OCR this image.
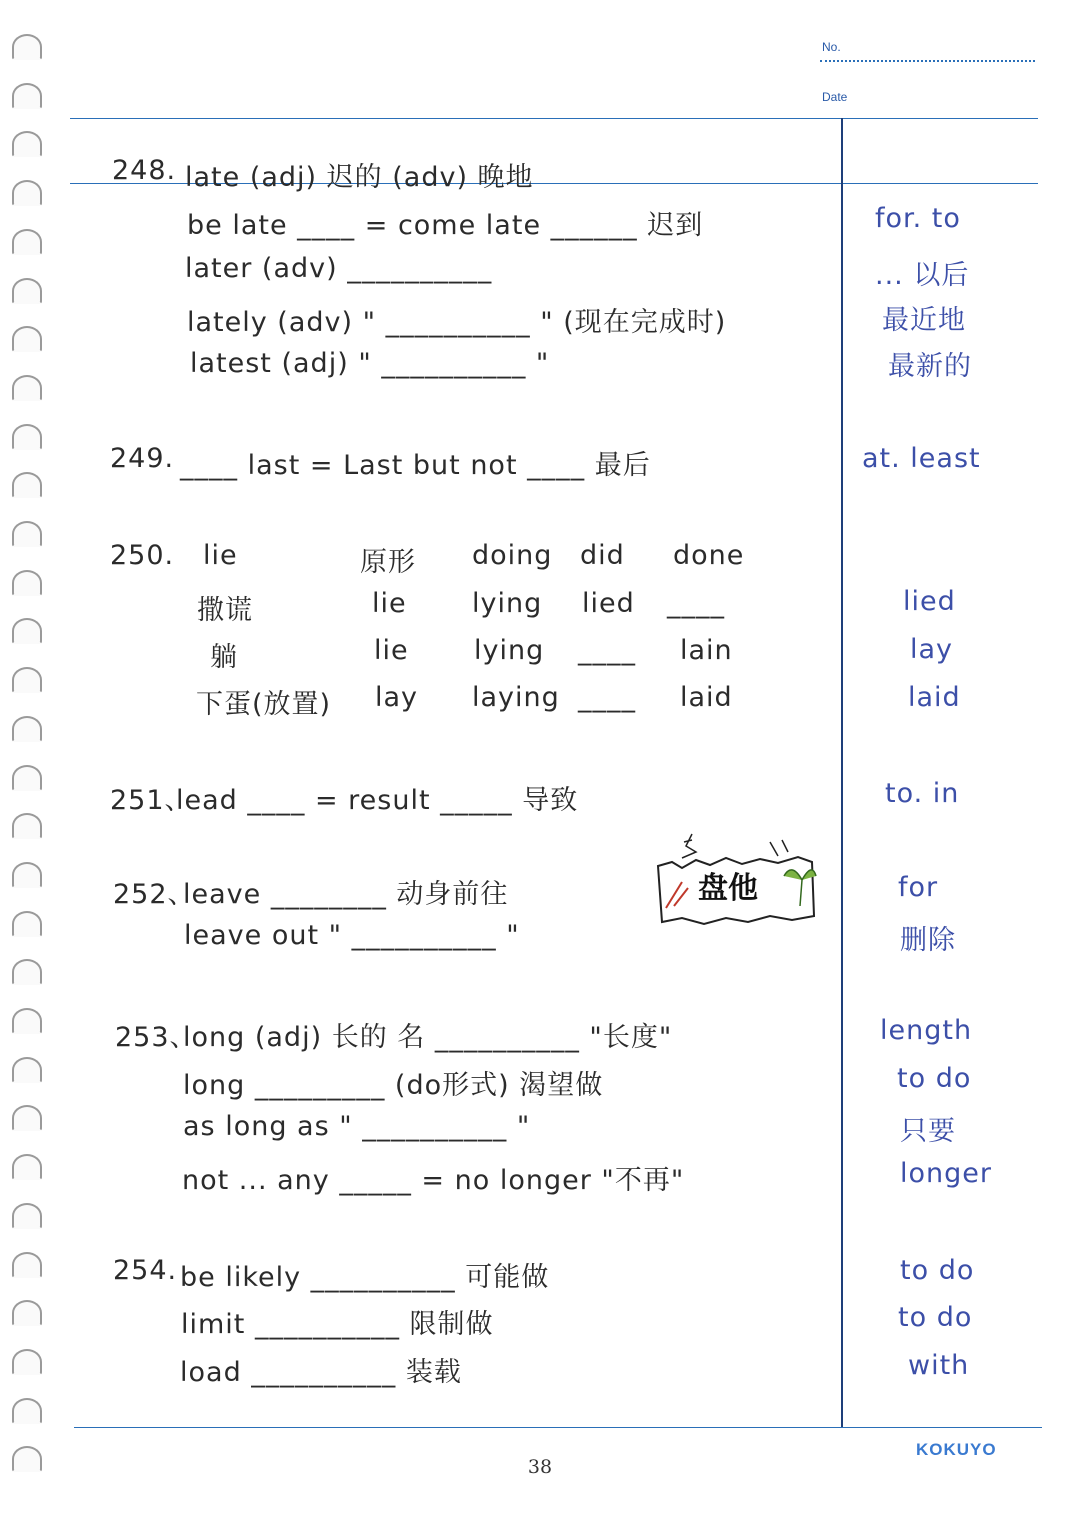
No.
Date
248. late (adj) 迟的 (adv) 晚地
be late ____ = come late ______ 迟到	for. to
later (adv) __________	... 以后
lately (adv) " __________ " (现在完成时)	最近地
latest (adj) " __________ "	最新的
249. ____ last = Last but not ____ 最后	at. least
250. lie	原形 doing did done
撒谎	lie lying lied ____	lied
躺	lie lying ____ lain	lay
下蛋(放置) lay laying ____ laid	laid
251、
lead ____ = result _____ 导致	to. in
252、
leave ________ 动身前往	for
leave out " __________ "	删除
盘他
253、
long (adj) 长的 名 __________ "长度"	length
long _________ (do形式) 渴望做	to do
as long as " __________ "	只要
not ... any _____ = no longer "不再"	longer
254. be likely __________ 可能做	to do
limit __________ 限制做	to do
load __________ 装载	with
38
KOKUYO
